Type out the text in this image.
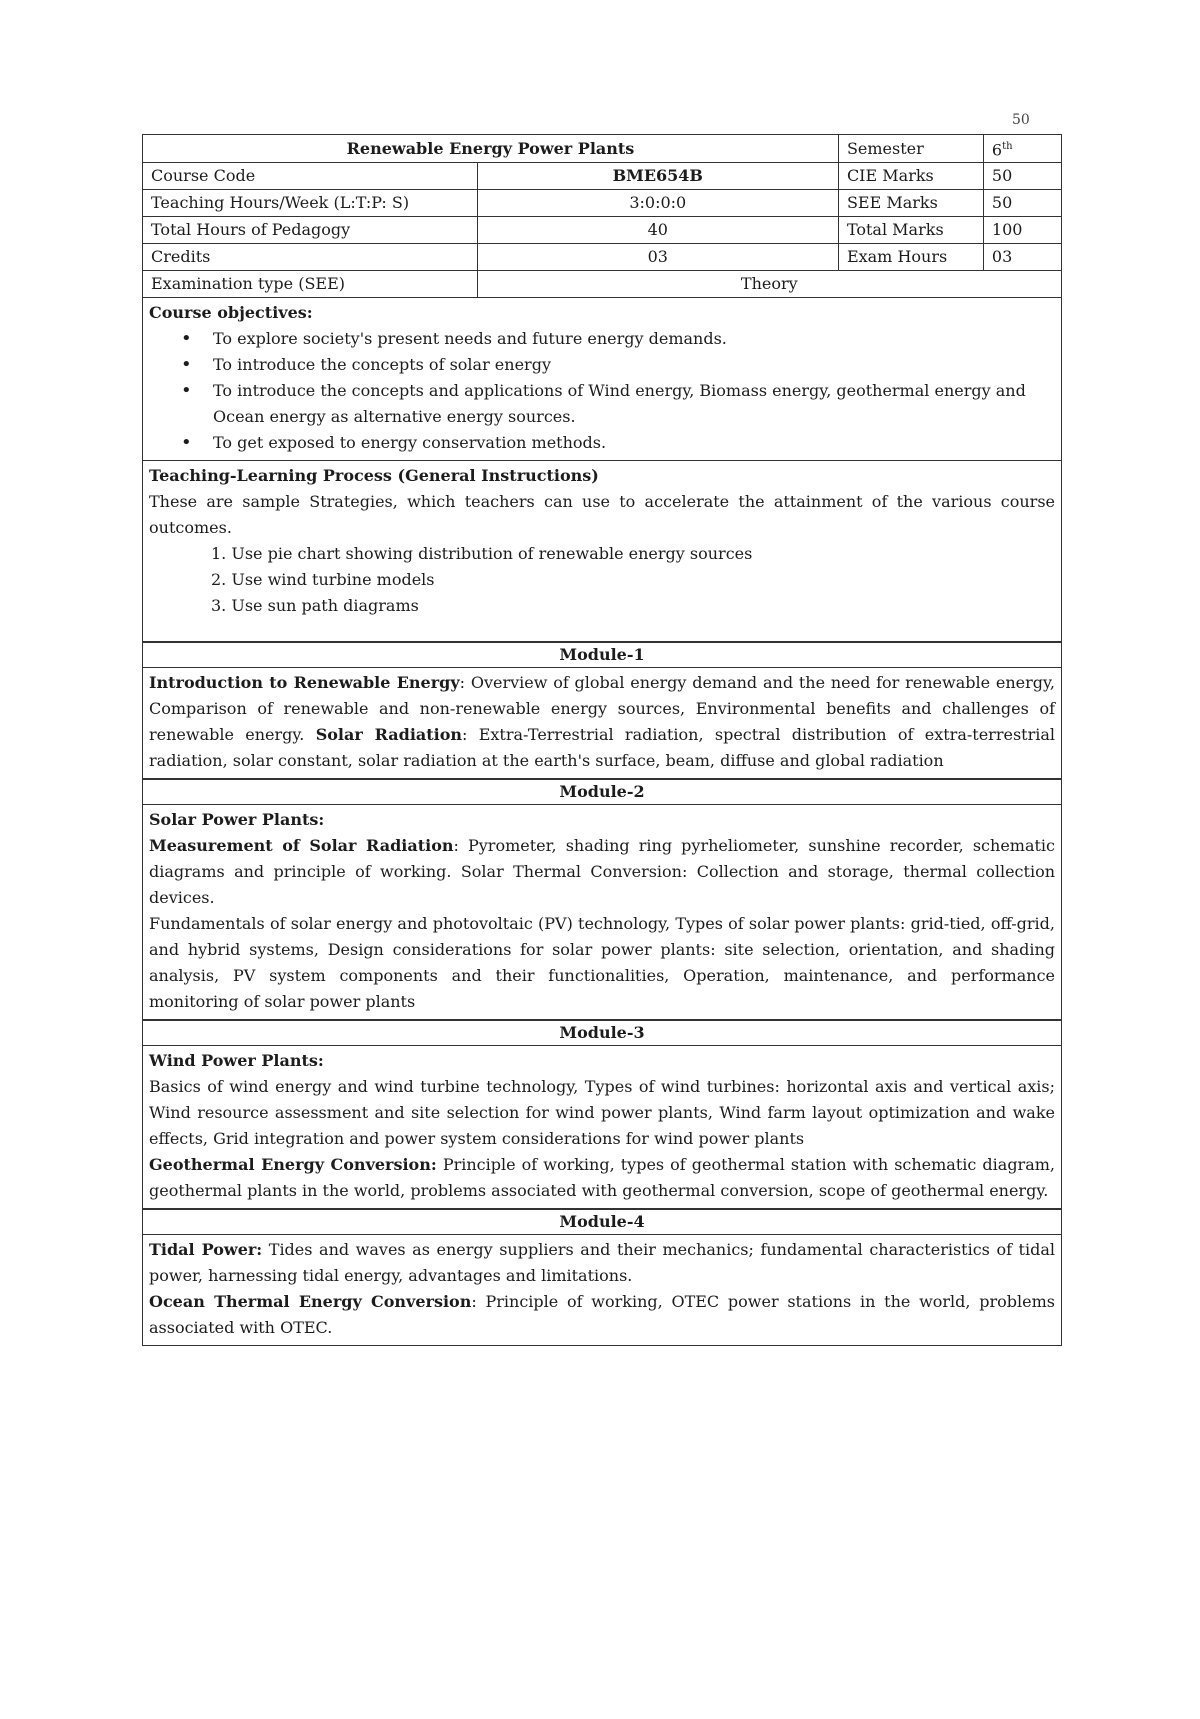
50
Renewable Energy Power Plants		Semester	6th
Course Code	BME654B	CIE Marks	50
Teaching Hours/Week (L:T:P: S)	3:0:0:0	SEE Marks	50
Total Hours of Pedagogy	40	Total Marks	100
Credits	03	Exam Hours	03
Examination type (SEE)	Theory		
Course objectives:
• To explore society's present needs and future energy demands.
• To introduce the concepts of solar energy
• To introduce the concepts and applications of Wind energy, Biomass energy, geothermal energy and Ocean energy as alternative energy sources.
• To get exposed to energy conservation methods.
Teaching-Learning Process (General Instructions)

These are sample Strategies, which teachers can use to accelerate the attainment of the various course outcomes.

1. Use pie chart showing distribution of renewable energy sources
2. Use wind turbine models
3. Use sun path diagrams
Module-1

Introduction to Renewable Energy: Overview of global energy demand and the need for renewable energy, Comparison of renewable and non-renewable energy sources, Environmental benefits and challenges of renewable energy. Solar Radiation: Extra-Terrestrial radiation, spectral distribution of extra-terrestrial radiation, solar constant, solar radiation at the earth's surface, beam, diffuse and global radiation

Module-2
Solar Power Plants:

Measurement of Solar Radiation: Pyrometer, shading ring pyrheliometer, sunshine recorder, schematic diagrams and principle of working. Solar Thermal Conversion: Collection and storage, thermal collection devices.

Fundamentals of solar energy and photovoltaic (PV) technology, Types of solar power plants: grid-tied, off-grid, and hybrid systems, Design considerations for solar power plants: site selection, orientation, and shading analysis, PV system components and their functionalities, Operation, maintenance, and performance monitoring of solar power plants

Module-3
Wind Power Plants:

Basics of wind energy and wind turbine technology, Types of wind turbines: horizontal axis and vertical axis; Wind resource assessment and site selection for wind power plants, Wind farm layout optimization and wake effects, Grid integration and power system considerations for wind power plants

Geothermal Energy Conversion: Principle of working, types of geothermal station with schematic diagram, geothermal plants in the world, problems associated with geothermal conversion, scope of geothermal energy.

Module-4

Tidal Power: Tides and waves as energy suppliers and their mechanics; fundamental characteristics of tidal power, harnessing tidal energy, advantages and limitations.

Ocean Thermal Energy Conversion: Principle of working, OTEC power stations in the world, problems associated with OTEC.
